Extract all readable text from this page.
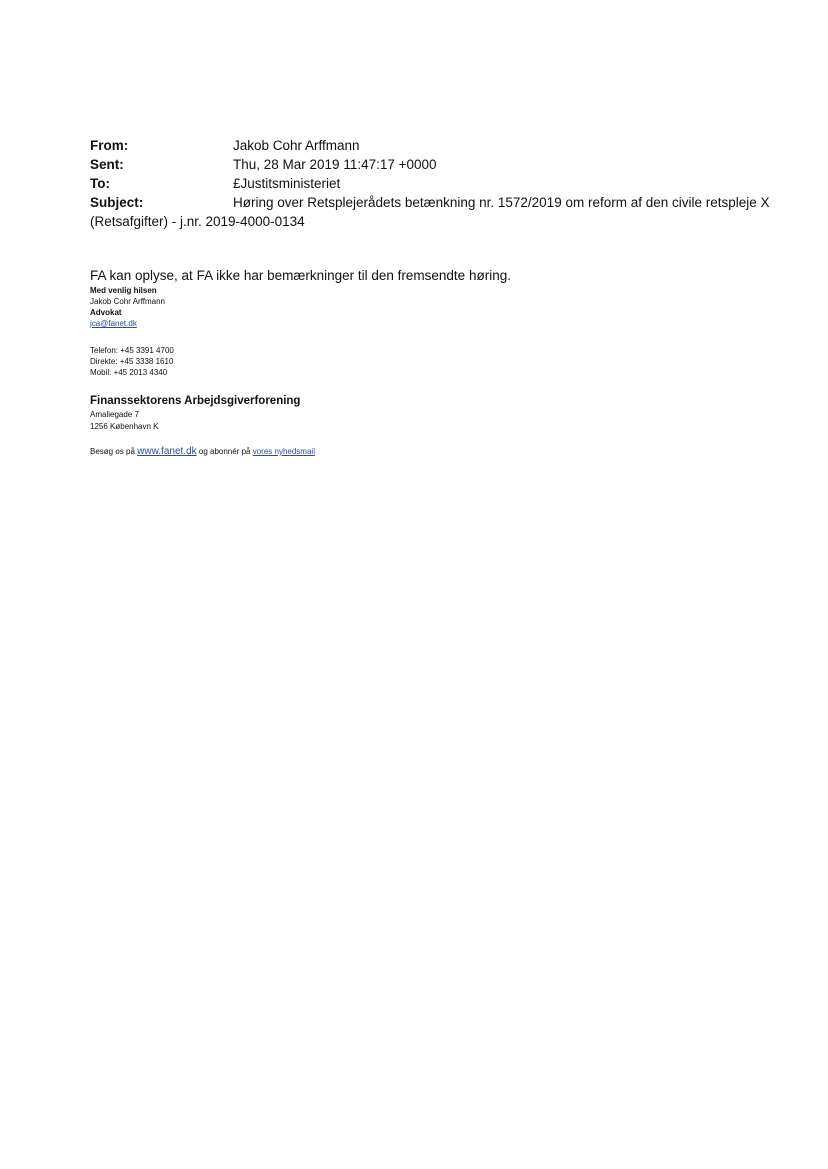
From:	Jakob Cohr Arffmann
Sent:	Thu, 28 Mar 2019 11:47:17 +0000
To:	£Justitsministeriet
Subject:	Høring over Retsplejerådets betænkning nr. 1572/2019 om reform af den civile retspleje X (Retsafgifter) - j.nr. 2019-4000-0134
FA kan oplyse, at FA ikke har bemærkninger til den fremsendte høring.
Med venlig hilsen
Jakob Cohr Arffmann
Advokat
jca@fanet.dk
Telefon: +45 3391 4700
Direkte: +45 3338 1610
Mobil: +45 2013 4340
Finanssektorens Arbejdsgiverforening
Amaliegade 7
1256 København K
Besøg os på www.fanet.dk og abonnér på vores nyhedsmail
